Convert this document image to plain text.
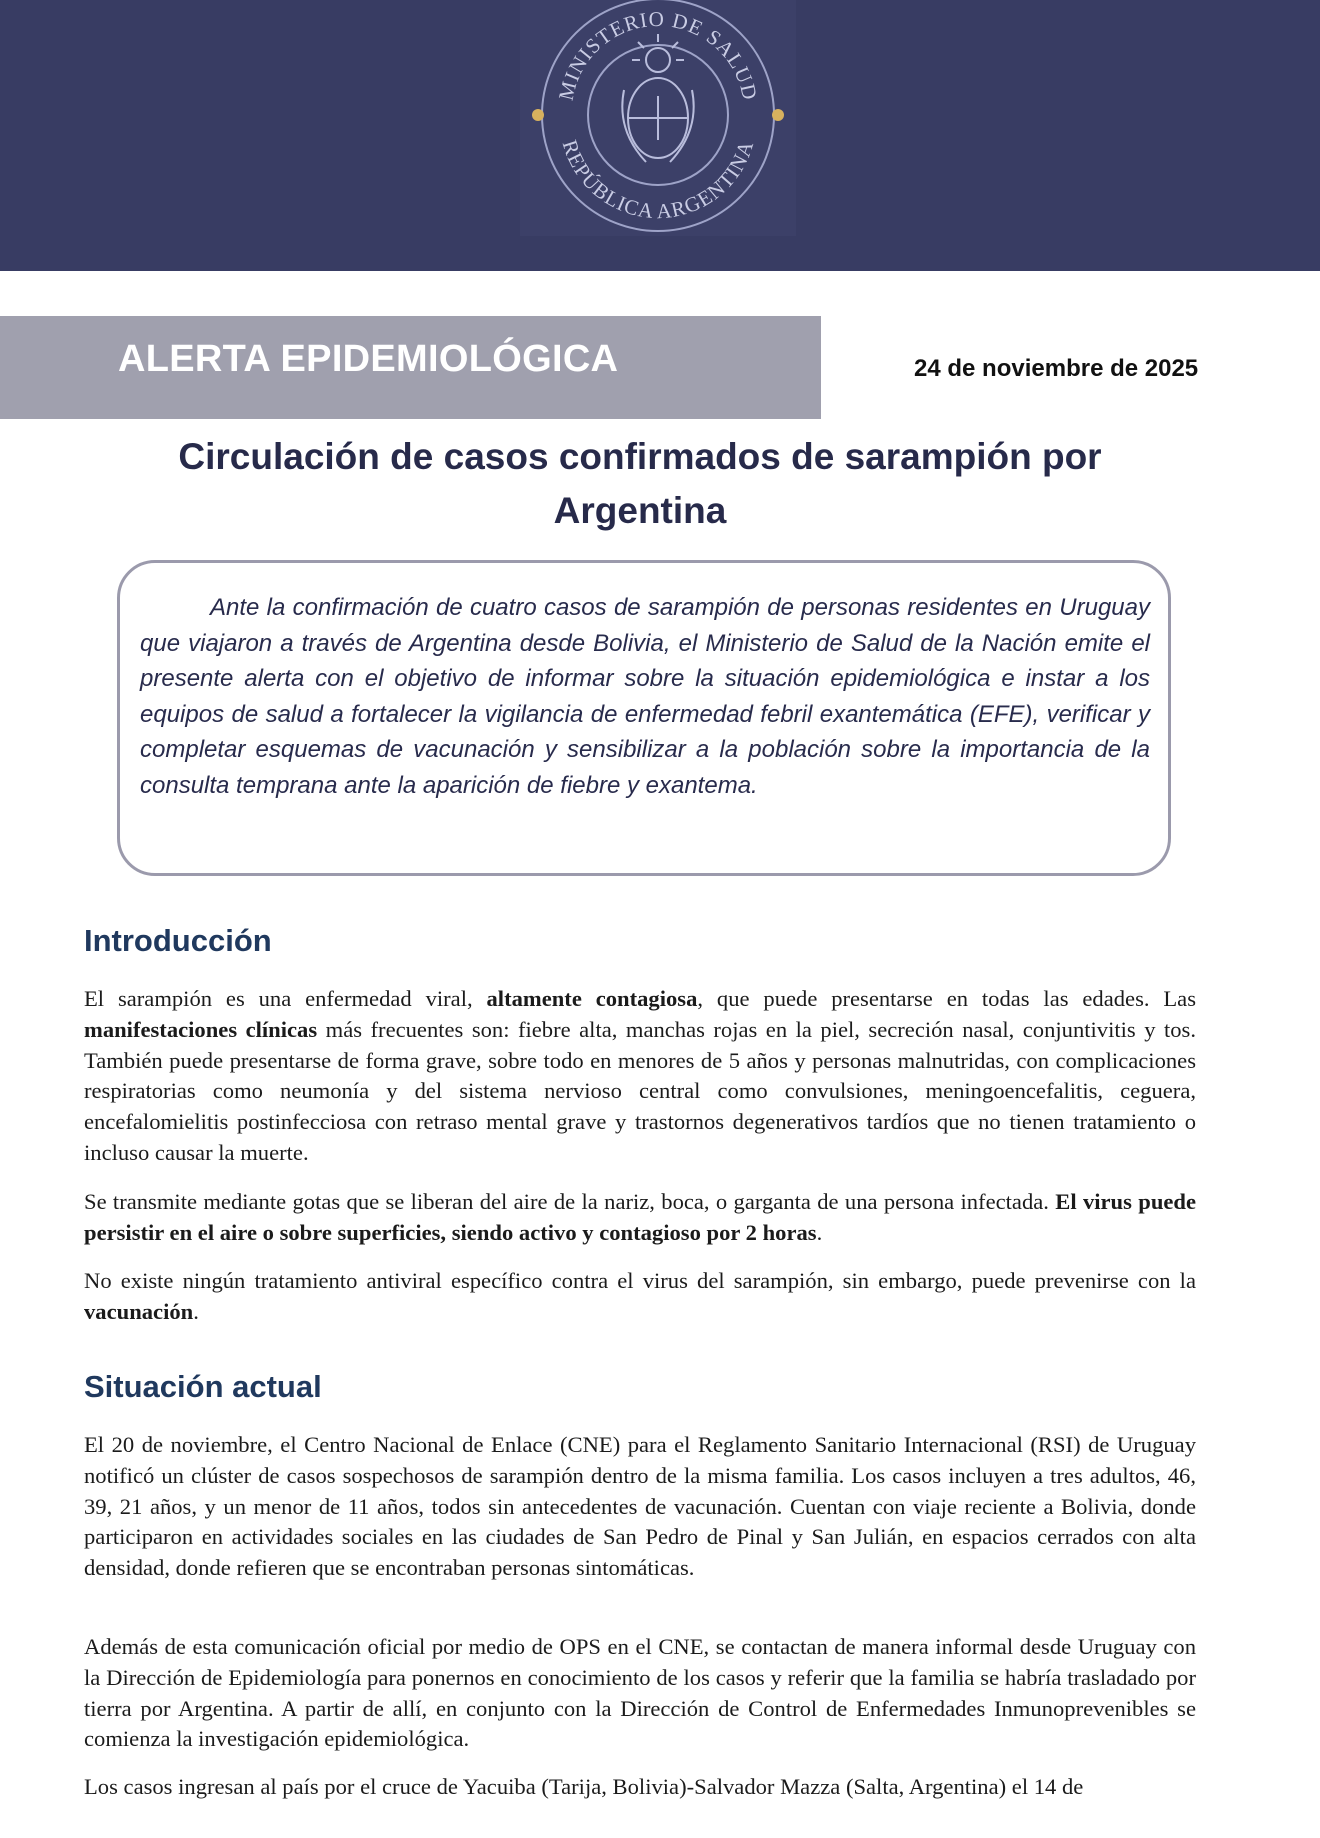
MINISTERIO DE SALUD
REPÚBLICA ARGENTINA
ALERTA EPIDEMIOLÓGICA	24 de noviembre de 2025
Circulación de casos confirmados de sarampión por
Argentina

Ante la confirmación de cuatro casos de sarampión de personas residentes en Uruguay que viajaron a través de Argentina desde Bolivia, el Ministerio de Salud de la Nación emite el presente alerta con el objetivo de informar sobre la situación epidemiológica e instar a los equipos de salud a fortalecer la vigilancia de enfermedad febril exantemática (EFE), verificar y completar esquemas de vacunación y sensibilizar a la población sobre la importancia de la consulta temprana ante la aparición de fiebre y exantema.

Introducción

El sarampión es una enfermedad viral, altamente contagiosa, que puede presentarse en todas las edades. Las manifestaciones clínicas más frecuentes son: fiebre alta, manchas rojas en la piel, secreción nasal, conjuntivitis y tos. También puede presentarse de forma grave, sobre todo en menores de 5 años y personas malnutridas, con complicaciones respiratorias como neumonía y del sistema nervioso central como convulsiones, meningoencefalitis, ceguera, encefalomielitis postinfecciosa con retraso mental grave y trastornos degenerativos tardíos que no tienen tratamiento o incluso causar la muerte.

Se transmite mediante gotas que se liberan del aire de la nariz, boca, o garganta de una persona infectada. El virus puede persistir en el aire o sobre superficies, siendo activo y contagioso por 2 horas.

No existe ningún tratamiento antiviral específico contra el virus del sarampión, sin embargo, puede prevenirse con la vacunación.

Situación actual

El 20 de noviembre, el Centro Nacional de Enlace (CNE) para el Reglamento Sanitario Internacional (RSI) de Uruguay notificó un clúster de casos sospechosos de sarampión dentro de la misma familia. Los casos incluyen a tres adultos, 46, 39, 21 años, y un menor de 11 años, todos sin antecedentes de vacunación. Cuentan con viaje reciente a Bolivia, donde participaron en actividades sociales en las ciudades de San Pedro de Pinal y San Julián, en espacios cerrados con alta densidad, donde refieren que se encontraban personas sintomáticas.

Además de esta comunicación oficial por medio de OPS en el CNE, se contactan de manera informal desde Uruguay con la Dirección de Epidemiología para ponernos en conocimiento de los casos y referir que la familia se habría trasladado por tierra por Argentina. A partir de allí, en conjunto con la Dirección de Control de Enfermedades Inmunoprevenibles se comienza la investigación epidemiológica.

Los casos ingresan al país por el cruce de Yacuiba (Tarija, Bolivia)-Salvador Mazza (Salta, Argentina) el 14 de
